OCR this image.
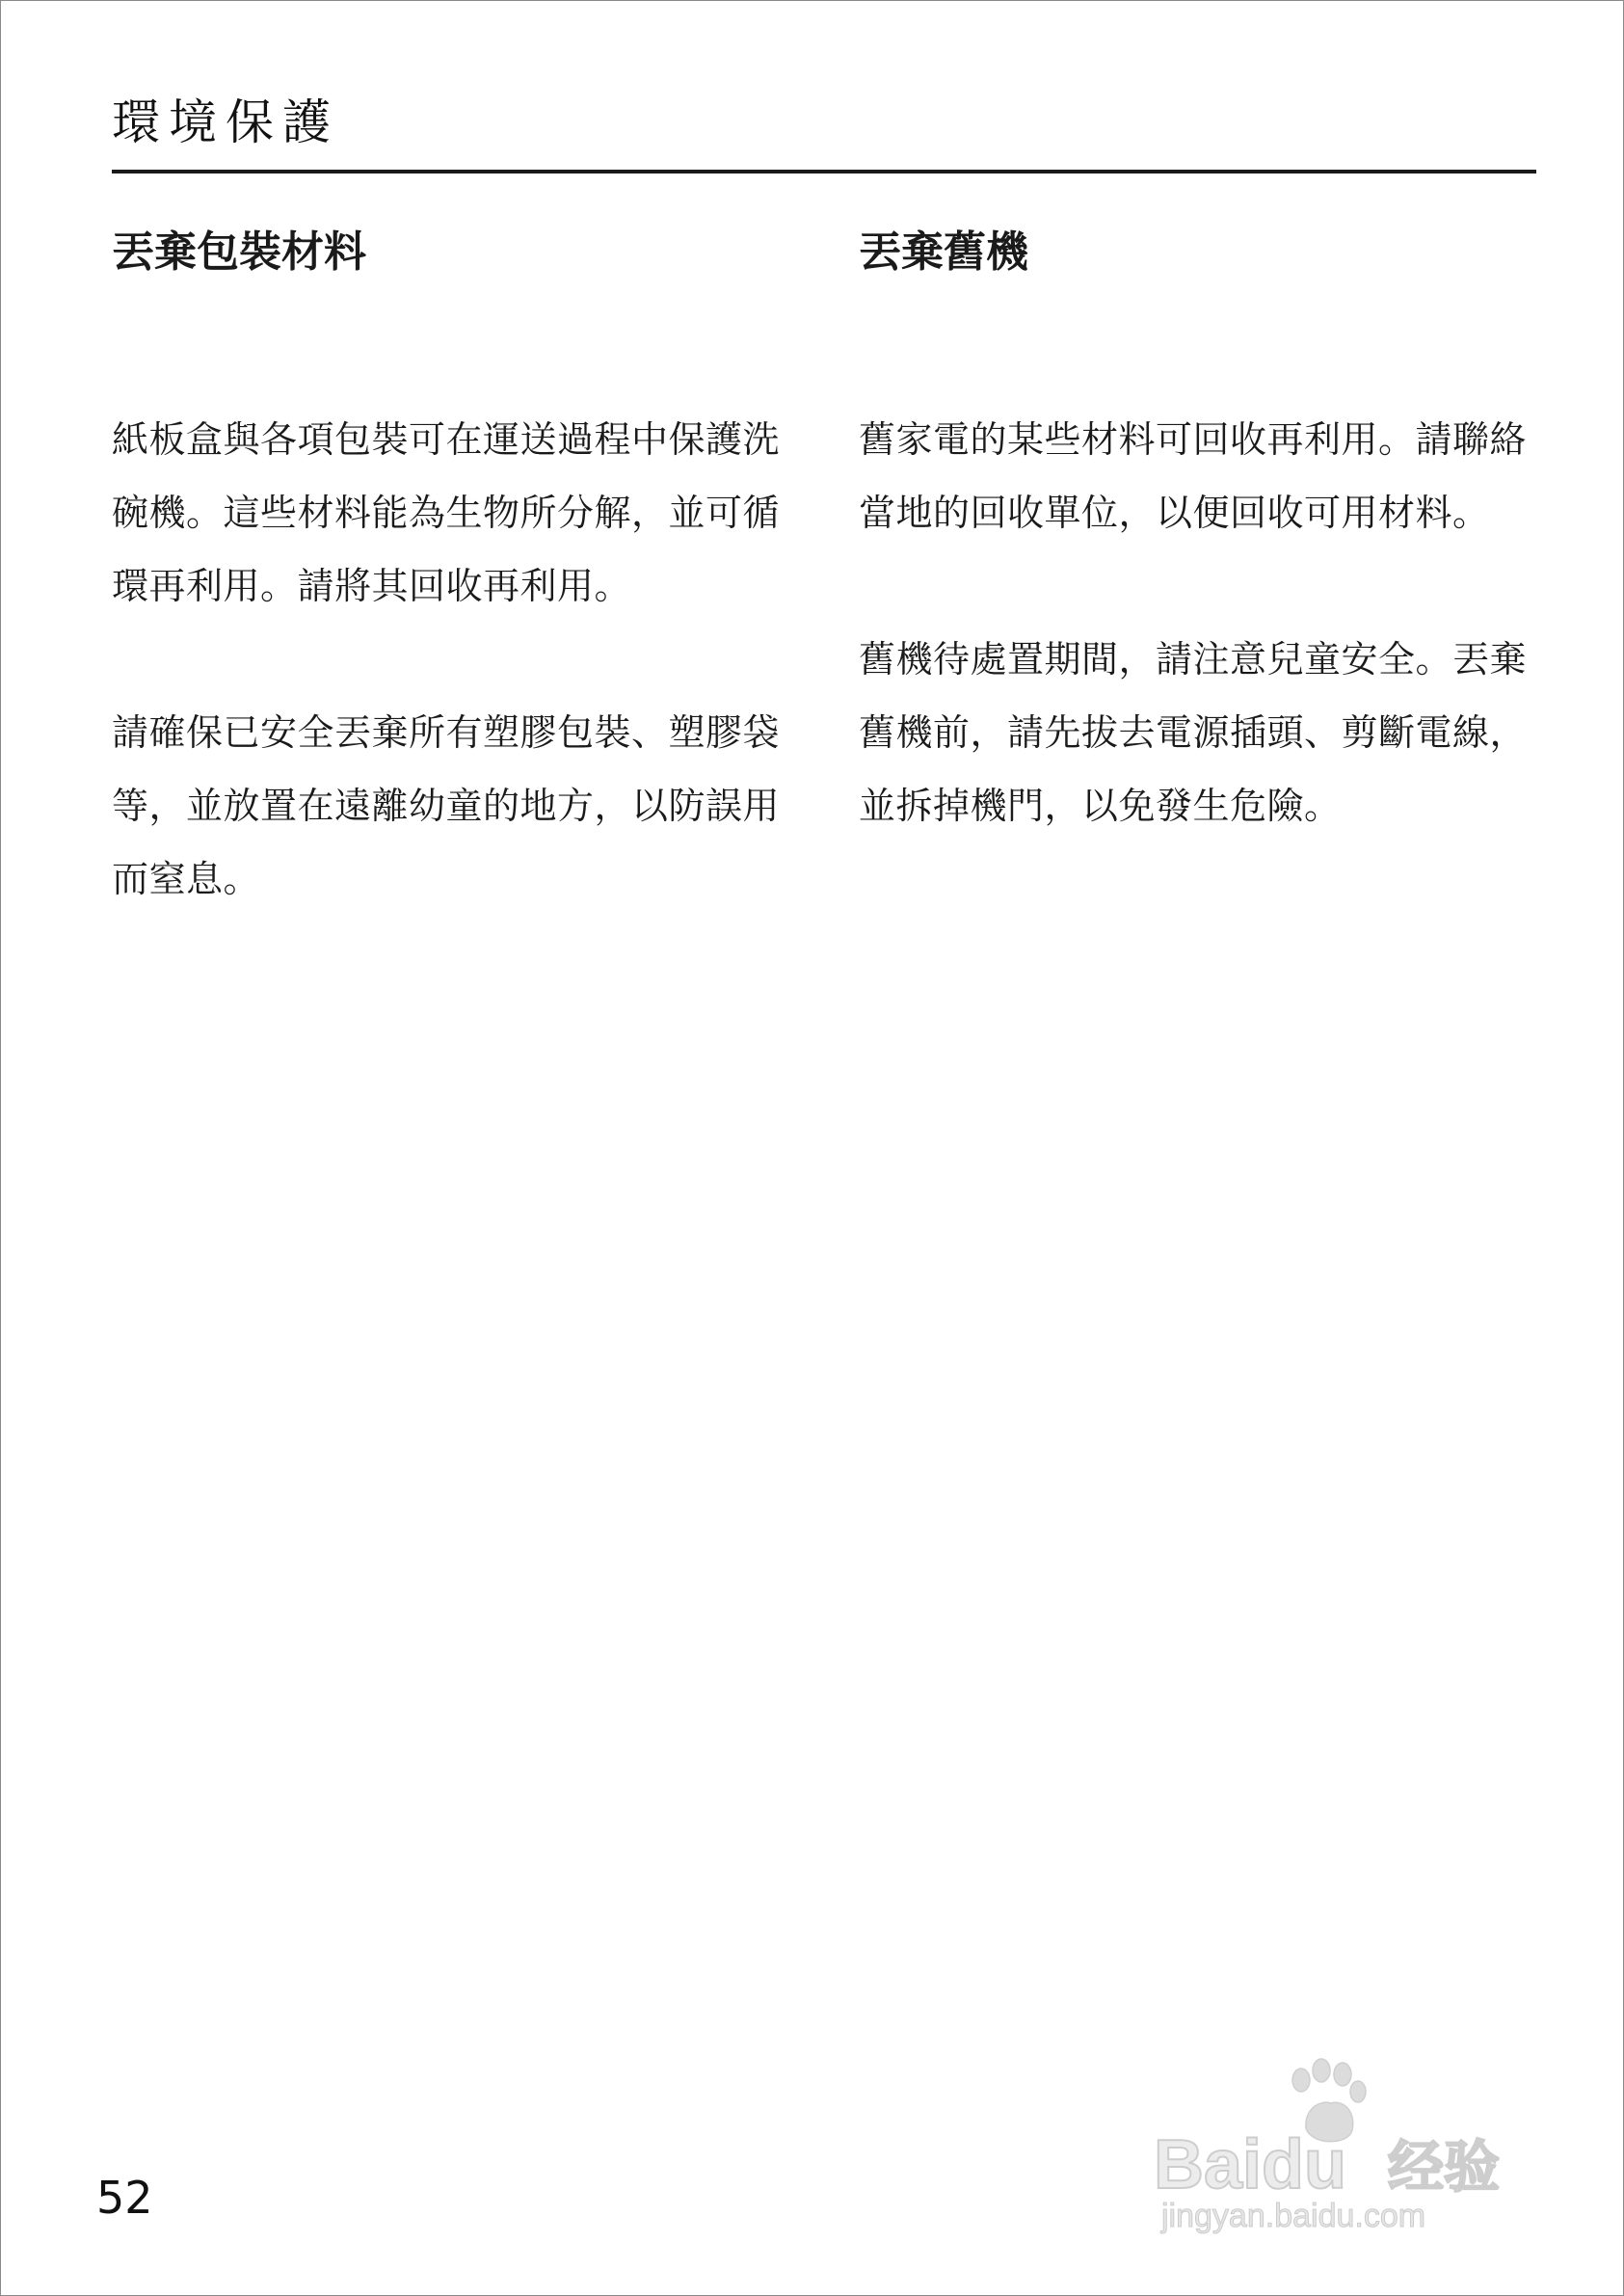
環境保護
丟棄包裝材料

紙板盒與各項包裝可在運送過程中保護洗碗機。這些材料能為生物所分解，並可循環再利用。請將其回收再利用。

請確保已安全丟棄所有塑膠包裝、塑膠袋等，並放置在遠離幼童的地方，以防誤用而窒息。

丟棄舊機

舊家電的某些材料可回收再利用。請聯絡當地的回收單位，以便回收可用材料。

舊機待處置期間，請注意兒童安全。丟棄舊機前，請先拔去電源插頭、剪斷電線，並拆掉機門，以免發生危險。

52	Baidu 经验
jingyan.baidu.com
